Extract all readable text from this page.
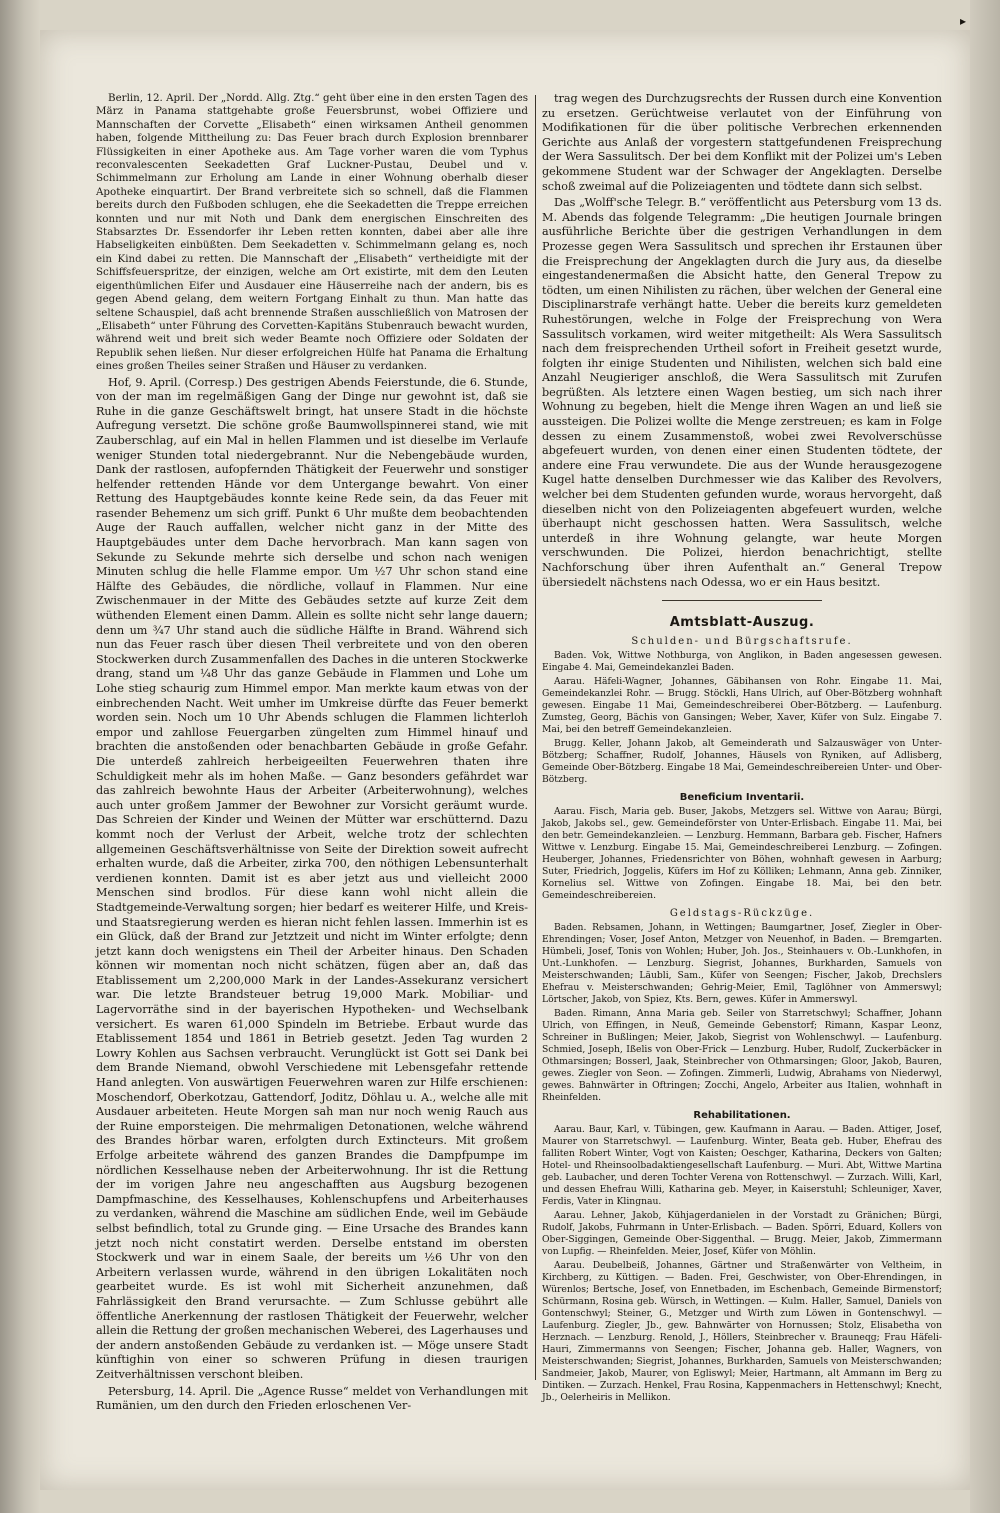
▸

Berlin, 12. April. Der „Nordd. Allg. Ztg.“ geht über eine in den ersten Tagen des März in Panama stattgehabte große Feuersbrunst, wobei Offiziere und Mannschaften der Corvette „Elisabeth“ einen wirksamen Antheil genommen haben, folgende Mittheilung zu: Das Feuer brach durch Explosion brennbarer Flüssigkeiten in einer Apotheke aus. Am Tage vorher waren die vom Typhus reconvalescenten Seekadetten Graf Luckner-Pustau, Deubel und v. Schimmelmann zur Erholung am Lande in einer Wohnung oberhalb dieser Apotheke einquartirt. Der Brand verbreitete sich so schnell, daß die Flammen bereits durch den Fußboden schlugen, ehe die Seekadetten die Treppe erreichen konnten und nur mit Noth und Dank dem energischen Einschreiten des Stabsarztes Dr. Essendorfer ihr Leben retten konnten, dabei aber alle ihre Habseligkeiten einbüßten. Dem Seekadetten v. Schimmelmann gelang es, noch ein Kind dabei zu retten. Die Mannschaft der „Elisabeth“ vertheidigte mit der Schiffsfeuerspritze, der einzigen, welche am Ort existirte, mit dem den Leuten eigenthümlichen Eifer und Ausdauer eine Häuserreihe nach der andern, bis es gegen Abend gelang, dem weitern Fortgang Einhalt zu thun. Man hatte das seltene Schauspiel, daß acht brennende Straßen ausschließlich von Matrosen der „Elisabeth“ unter Führung des Corvetten-Kapitäns Stubenrauch bewacht wurden, während weit und breit sich weder Beamte noch Offiziere oder Soldaten der Republik sehen ließen. Nur dieser erfolgreichen Hülfe hat Panama die Erhaltung eines großen Theiles seiner Straßen und Häuser zu verdanken.

Hof, 9. April. (Corresp.) Des gestrigen Abends Feierstunde, die 6. Stunde, von der man im regelmäßigen Gang der Dinge nur gewohnt ist, daß sie Ruhe in die ganze Geschäftswelt bringt, hat unsere Stadt in die höchste Aufregung versetzt. Die schöne große Baumwollspinnerei stand, wie mit Zauberschlag, auf ein Mal in hellen Flammen und ist dieselbe im Verlaufe weniger Stunden total niedergebrannt. Nur die Nebengebäude wurden, Dank der rastlosen, aufopfernden Thätigkeit der Feuerwehr und sonstiger helfender rettenden Hände vor dem Untergange bewahrt. Von einer Rettung des Hauptgebäudes konnte keine Rede sein, da das Feuer mit rasender Behemenz um sich griff. Punkt 6 Uhr mußte dem beobachtenden Auge der Rauch auffallen, welcher nicht ganz in der Mitte des Hauptgebäudes unter dem Dache hervorbrach. Man kann sagen von Sekunde zu Sekunde mehrte sich derselbe und schon nach wenigen Minuten schlug die helle Flamme empor. Um ½7 Uhr schon stand eine Hälfte des Gebäudes, die nördliche, vollauf in Flammen. Nur eine Zwischenmauer in der Mitte des Gebäudes setzte auf kurze Zeit dem wüthenden Element einen Damm. Allein es sollte nicht sehr lange dauern; denn um ¾7 Uhr stand auch die südliche Hälfte in Brand. Während sich nun das Feuer rasch über diesen Theil verbreitete und von den oberen Stockwerken durch Zusammenfallen des Daches in die unteren Stockwerke drang, stand um ¼8 Uhr das ganze Gebäude in Flammen und Lohe um Lohe stieg schaurig zum Himmel empor. Man merkte kaum etwas von der einbrechenden Nacht. Weit umher im Umkreise dürfte das Feuer bemerkt worden sein. Noch um 10 Uhr Abends schlugen die Flammen lichterloh empor und zahllose Feuergarben züngelten zum Himmel hinauf und brachten die anstoßenden oder benachbarten Gebäude in große Gefahr. Die unterdeß zahlreich herbeigeeilten Feuerwehren thaten ihre Schuldigkeit mehr als im hohen Maße. — Ganz besonders gefährdet war das zahlreich bewohnte Haus der Arbeiter (Arbeiterwohnung), welches auch unter großem Jammer der Bewohner zur Vorsicht geräumt wurde. Das Schreien der Kinder und Weinen der Mütter war erschütternd. Dazu kommt noch der Verlust der Arbeit, welche trotz der schlechten allgemeinen Geschäftsverhältnisse von Seite der Direktion soweit aufrecht erhalten wurde, daß die Arbeiter, zirka 700, den nöthigen Lebensunterhalt verdienen konnten. Damit ist es aber jetzt aus und vielleicht 2000 Menschen sind brodlos. Für diese kann wohl nicht allein die Stadtgemeinde-Verwaltung sorgen; hier bedarf es weiterer Hilfe, und Kreis- und Staatsregierung werden es hieran nicht fehlen lassen. Immerhin ist es ein Glück, daß der Brand zur Jetztzeit und nicht im Winter erfolgte; denn jetzt kann doch wenigstens ein Theil der Arbeiter hinaus. Den Schaden können wir momentan noch nicht schätzen, fügen aber an, daß das Etablissement um 2,200,000 Mark in der Landes-Assekuranz versichert war. Die letzte Brandsteuer betrug 19,000 Mark. Mobiliar- und Lagervorräthe sind in der bayerischen Hypotheken- und Wechselbank versichert. Es waren 61,000 Spindeln im Betriebe. Erbaut wurde das Etablissement 1854 und 1861 in Betrieb gesetzt. Jeden Tag wurden 2 Lowry Kohlen aus Sachsen verbraucht. Verunglückt ist Gott sei Dank bei dem Brande Niemand, obwohl Verschiedene mit Lebensgefahr rettende Hand anlegten. Von auswärtigen Feuerwehren waren zur Hilfe erschienen: Moschendorf, Oberkotzau, Gattendorf, Joditz, Döhlau u. A., welche alle mit Ausdauer arbeiteten. Heute Morgen sah man nur noch wenig Rauch aus der Ruine emporsteigen. Die mehrmaligen Detonationen, welche während des Brandes hörbar waren, erfolgten durch Extincteurs. Mit großem Erfolge arbeitete während des ganzen Brandes die Dampfpumpe im nördlichen Kesselhause neben der Arbeiterwohnung. Ihr ist die Rettung der im vorigen Jahre neu angeschafften aus Augsburg bezogenen Dampfmaschine, des Kesselhauses, Kohlenschupfens und Arbeiterhauses zu verdanken, während die Maschine am südlichen Ende, weil im Gebäude selbst befindlich, total zu Grunde ging. — Eine Ursache des Brandes kann jetzt noch nicht constatirt werden. Derselbe entstand im obersten Stockwerk und war in einem Saale, der bereits um ½6 Uhr von den Arbeitern verlassen wurde, während in den übrigen Lokalitäten noch gearbeitet wurde. Es ist wohl mit Sicherheit anzunehmen, daß Fahrlässigkeit den Brand verursachte. — Zum Schlusse gebührt alle öffentliche Anerkennung der rastlosen Thätigkeit der Feuerwehr, welcher allein die Rettung der großen mechanischen Weberei, des Lagerhauses und der andern anstoßenden Gebäude zu verdanken ist. — Möge unsere Stadt künftighin von einer so schweren Prüfung in diesen traurigen Zeitverhältnissen verschont bleiben.

Petersburg, 14. April. Die „Agence Russe“ meldet von Verhandlungen mit Rumänien, um den durch den Frieden erloschenen Ver-

trag wegen des Durchzugsrechts der Russen durch eine Konvention zu ersetzen. Gerüchtweise verlautet von der Einführung von Modifikationen für die über politische Verbrechen erkennenden Gerichte aus Anlaß der vorgestern stattgefundenen Freisprechung der Wera Sassulitsch. Der bei dem Konflikt mit der Polizei um's Leben gekommene Student war der Schwager der Angeklagten. Derselbe schoß zweimal auf die Polizeiagenten und tödtete dann sich selbst.

Das „Wolff'sche Telegr. B.“ veröffentlicht aus Petersburg vom 13 ds. M. Abends das folgende Telegramm: „Die heutigen Journale bringen ausführliche Berichte über die gestrigen Verhandlungen in dem Prozesse gegen Wera Sassulitsch und sprechen ihr Erstaunen über die Freisprechung der Angeklagten durch die Jury aus, da dieselbe eingestandenermaßen die Absicht hatte, den General Trepow zu tödten, um einen Nihilisten zu rächen, über welchen der General eine Disciplinarstrafe verhängt hatte. Ueber die bereits kurz gemeldeten Ruhestörungen, welche in Folge der Freisprechung von Wera Sassulitsch vorkamen, wird weiter mitgetheilt: Als Wera Sassulitsch nach dem freisprechenden Urtheil sofort in Freiheit gesetzt wurde, folgten ihr einige Studenten und Nihilisten, welchen sich bald eine Anzahl Neugieriger anschloß, die Wera Sassulitsch mit Zurufen begrüßten. Als letztere einen Wagen bestieg, um sich nach ihrer Wohnung zu begeben, hielt die Menge ihren Wagen an und ließ sie aussteigen. Die Polizei wollte die Menge zerstreuen; es kam in Folge dessen zu einem Zusammenstoß, wobei zwei Revolverschüsse abgefeuert wurden, von denen einer einen Studenten tödtete, der andere eine Frau verwundete. Die aus der Wunde herausgezogene Kugel hatte denselben Durchmesser wie das Kaliber des Revolvers, welcher bei dem Studenten gefunden wurde, woraus hervorgeht, daß dieselben nicht von den Polizeiagenten abgefeuert wurden, welche überhaupt nicht geschossen hatten. Wera Sassulitsch, welche unterdeß in ihre Wohnung gelangte, war heute Morgen verschwunden. Die Polizei, hierdon benachrichtigt, stellte Nachforschung über ihren Aufenthalt an.“ General Trepow übersiedelt nächstens nach Odessa, wo er ein Haus besitzt.

Amtsblatt-Auszug.
Schulden- und Bürgschaftsrufe.

Baden. Vok, Wittwe Nothburga, von Anglikon, in Baden angesessen gewesen. Eingabe 4. Mai, Gemeindekanzlei Baden.

Aarau. Häfeli-Wagner, Johannes, Gäbihansen von Rohr. Eingabe 11. Mai, Gemeindekanzlei Rohr. — Brugg. Stöckli, Hans Ulrich, auf Ober-Bötzberg wohnhaft gewesen. Eingabe 11 Mai, Gemeindeschreiberei Ober-Bötzberg. — Laufenburg. Zumsteg, Georg, Bächis von Gansingen; Weber, Xaver, Küfer von Sulz. Eingabe 7. Mai, bei den betreff Gemeindekanzleien.

Brugg. Keller, Johann Jakob, alt Gemeinderath und Salzauswäger von Unter-Bötzberg; Schaffner, Rudolf, Johannes, Häusels von Ryniken, auf Adlisberg, Gemeinde Ober-Bötzberg. Eingabe 18 Mai, Gemeindeschreibereien Unter- und Ober-Bötzberg.

Beneficium Inventarii.

Aarau. Fisch, Maria geb. Buser, Jakobs, Metzgers sel. Wittwe von Aarau; Bürgi, Jakob, Jakobs sel., gew. Gemeindeförster von Unter-Erlisbach. Eingabe 11. Mai, bei den betr. Gemeindekanzleien. — Lenzburg. Hemmann, Barbara geb. Fischer, Hafners Wittwe v. Lenzburg. Eingabe 15. Mai, Gemeindeschreiberei Lenzburg. — Zofingen. Heuberger, Johannes, Friedensrichter von Böhen, wohnhaft gewesen in Aarburg; Suter, Friedrich, Joggelis, Küfers im Hof zu Kölliken; Lehmann, Anna geb. Zinniker, Kornelius sel. Wittwe von Zofingen. Eingabe 18. Mai, bei den betr. Gemeindeschreibereien.

Geldstags-Rückzüge.

Baden. Rebsamen, Johann, in Wettingen; Baumgartner, Josef, Ziegler in Ober-Ehrendingen; Voser, Josef Anton, Metzger von Neuenhof, in Baden. — Bremgarten. Hümbeli, Josef, Tonis von Wohlen; Huber, Joh. Jos., Steinhauers v. Ob.-Lunkhofen, in Unt.-Lunkhofen. — Lenzburg. Siegrist, Johannes, Burkharden, Samuels von Meisterschwanden; Läubli, Sam., Küfer von Seengen; Fischer, Jakob, Drechslers Ehefrau v. Meisterschwanden; Gehrig-Meier, Emil, Taglöhner von Ammerswyl; Lörtscher, Jakob, von Spiez, Kts. Bern, gewes. Küfer in Ammerswyl.

Baden. Rimann, Anna Maria geb. Seiler von Starretschwyl; Schaffner, Johann Ulrich, von Effingen, in Neuß, Gemeinde Gebenstorf; Rimann, Kaspar Leonz, Schreiner in Bußlingen; Meier, Jakob, Siegrist von Wohlenschwyl. — Laufenburg. Schmied, Joseph, Ißelis von Ober-Frick — Lenzburg. Huber, Rudolf, Zuckerbäcker in Othmarsingen; Bosserl, Jaak, Steinbrecher von Othmarsingen; Gloor, Jakob, Bauren, gewes. Ziegler von Seon. — Zofingen. Zimmerli, Ludwig, Abrahams von Niederwyl, gewes. Bahnwärter in Oftringen; Zocchi, Angelo, Arbeiter aus Italien, wohnhaft in Rheinfelden.

Rehabilitationen.

Aarau. Baur, Karl, v. Tübingen, gew. Kaufmann in Aarau. — Baden. Attiger, Josef, Maurer von Starretschwyl. — Laufenburg. Winter, Beata geb. Huber, Ehefrau des falliten Robert Winter, Vogt von Kaisten; Oeschger, Katharina, Deckers von Galten; Hotel- und Rheinsoolbadaktiengesellschaft Laufenburg. — Muri. Abt, Wittwe Martina geb. Laubacher, und deren Tochter Verena von Rottenschwyl. — Zurzach. Willi, Karl, und dessen Ehefrau Willi, Katharina geb. Meyer, in Kaiserstuhl; Schleuniger, Xaver, Ferdis, Vater in Klingnau.

Aarau. Lehner, Jakob, Kühjagerdanielen in der Vorstadt zu Gränichen; Bürgi, Rudolf, Jakobs, Fuhrmann in Unter-Erlisbach. — Baden. Spörri, Eduard, Kollers von Ober-Siggingen, Gemeinde Ober-Siggenthal. — Brugg. Meier, Jakob, Zimmermann von Lupfig. — Rheinfelden. Meier, Josef, Küfer von Möhlin.

Aarau. Deubelbeiß, Johannes, Gärtner und Straßenwärter von Veltheim, in Kirchberg, zu Küttigen. — Baden. Frei, Geschwister, von Ober-Ehrendingen, in Würenlos; Bertsche, Josef, von Ennetbaden, im Eschenbach, Gemeinde Birmenstorf; Schürmann, Rosina geb. Würsch, in Wettingen. — Kulm. Haller, Samuel, Daniels von Gontenschwyl; Steiner, G., Metzger und Wirth zum Löwen in Gontenschwyl. — Laufenburg. Ziegler, Jb., gew. Bahnwärter von Hornussen; Stolz, Elisabetha von Herznach. — Lenzburg. Renold, J., Höllers, Steinbrecher v. Brauneqg; Frau Häfeli-Hauri, Zimmermanns von Seengen; Fischer, Johanna geb. Haller, Wagners, von Meisterschwanden; Siegrist, Johannes, Burkharden, Samuels von Meisterschwanden; Sandmeier, Jakob, Maurer, von Egliswyl; Meier, Hartmann, alt Ammann im Berg zu Dintiken. — Zurzach. Henkel, Frau Rosina, Kappenmachers in Hettenschwyl; Knecht, Jb., Oelerheiris in Mellikon.
